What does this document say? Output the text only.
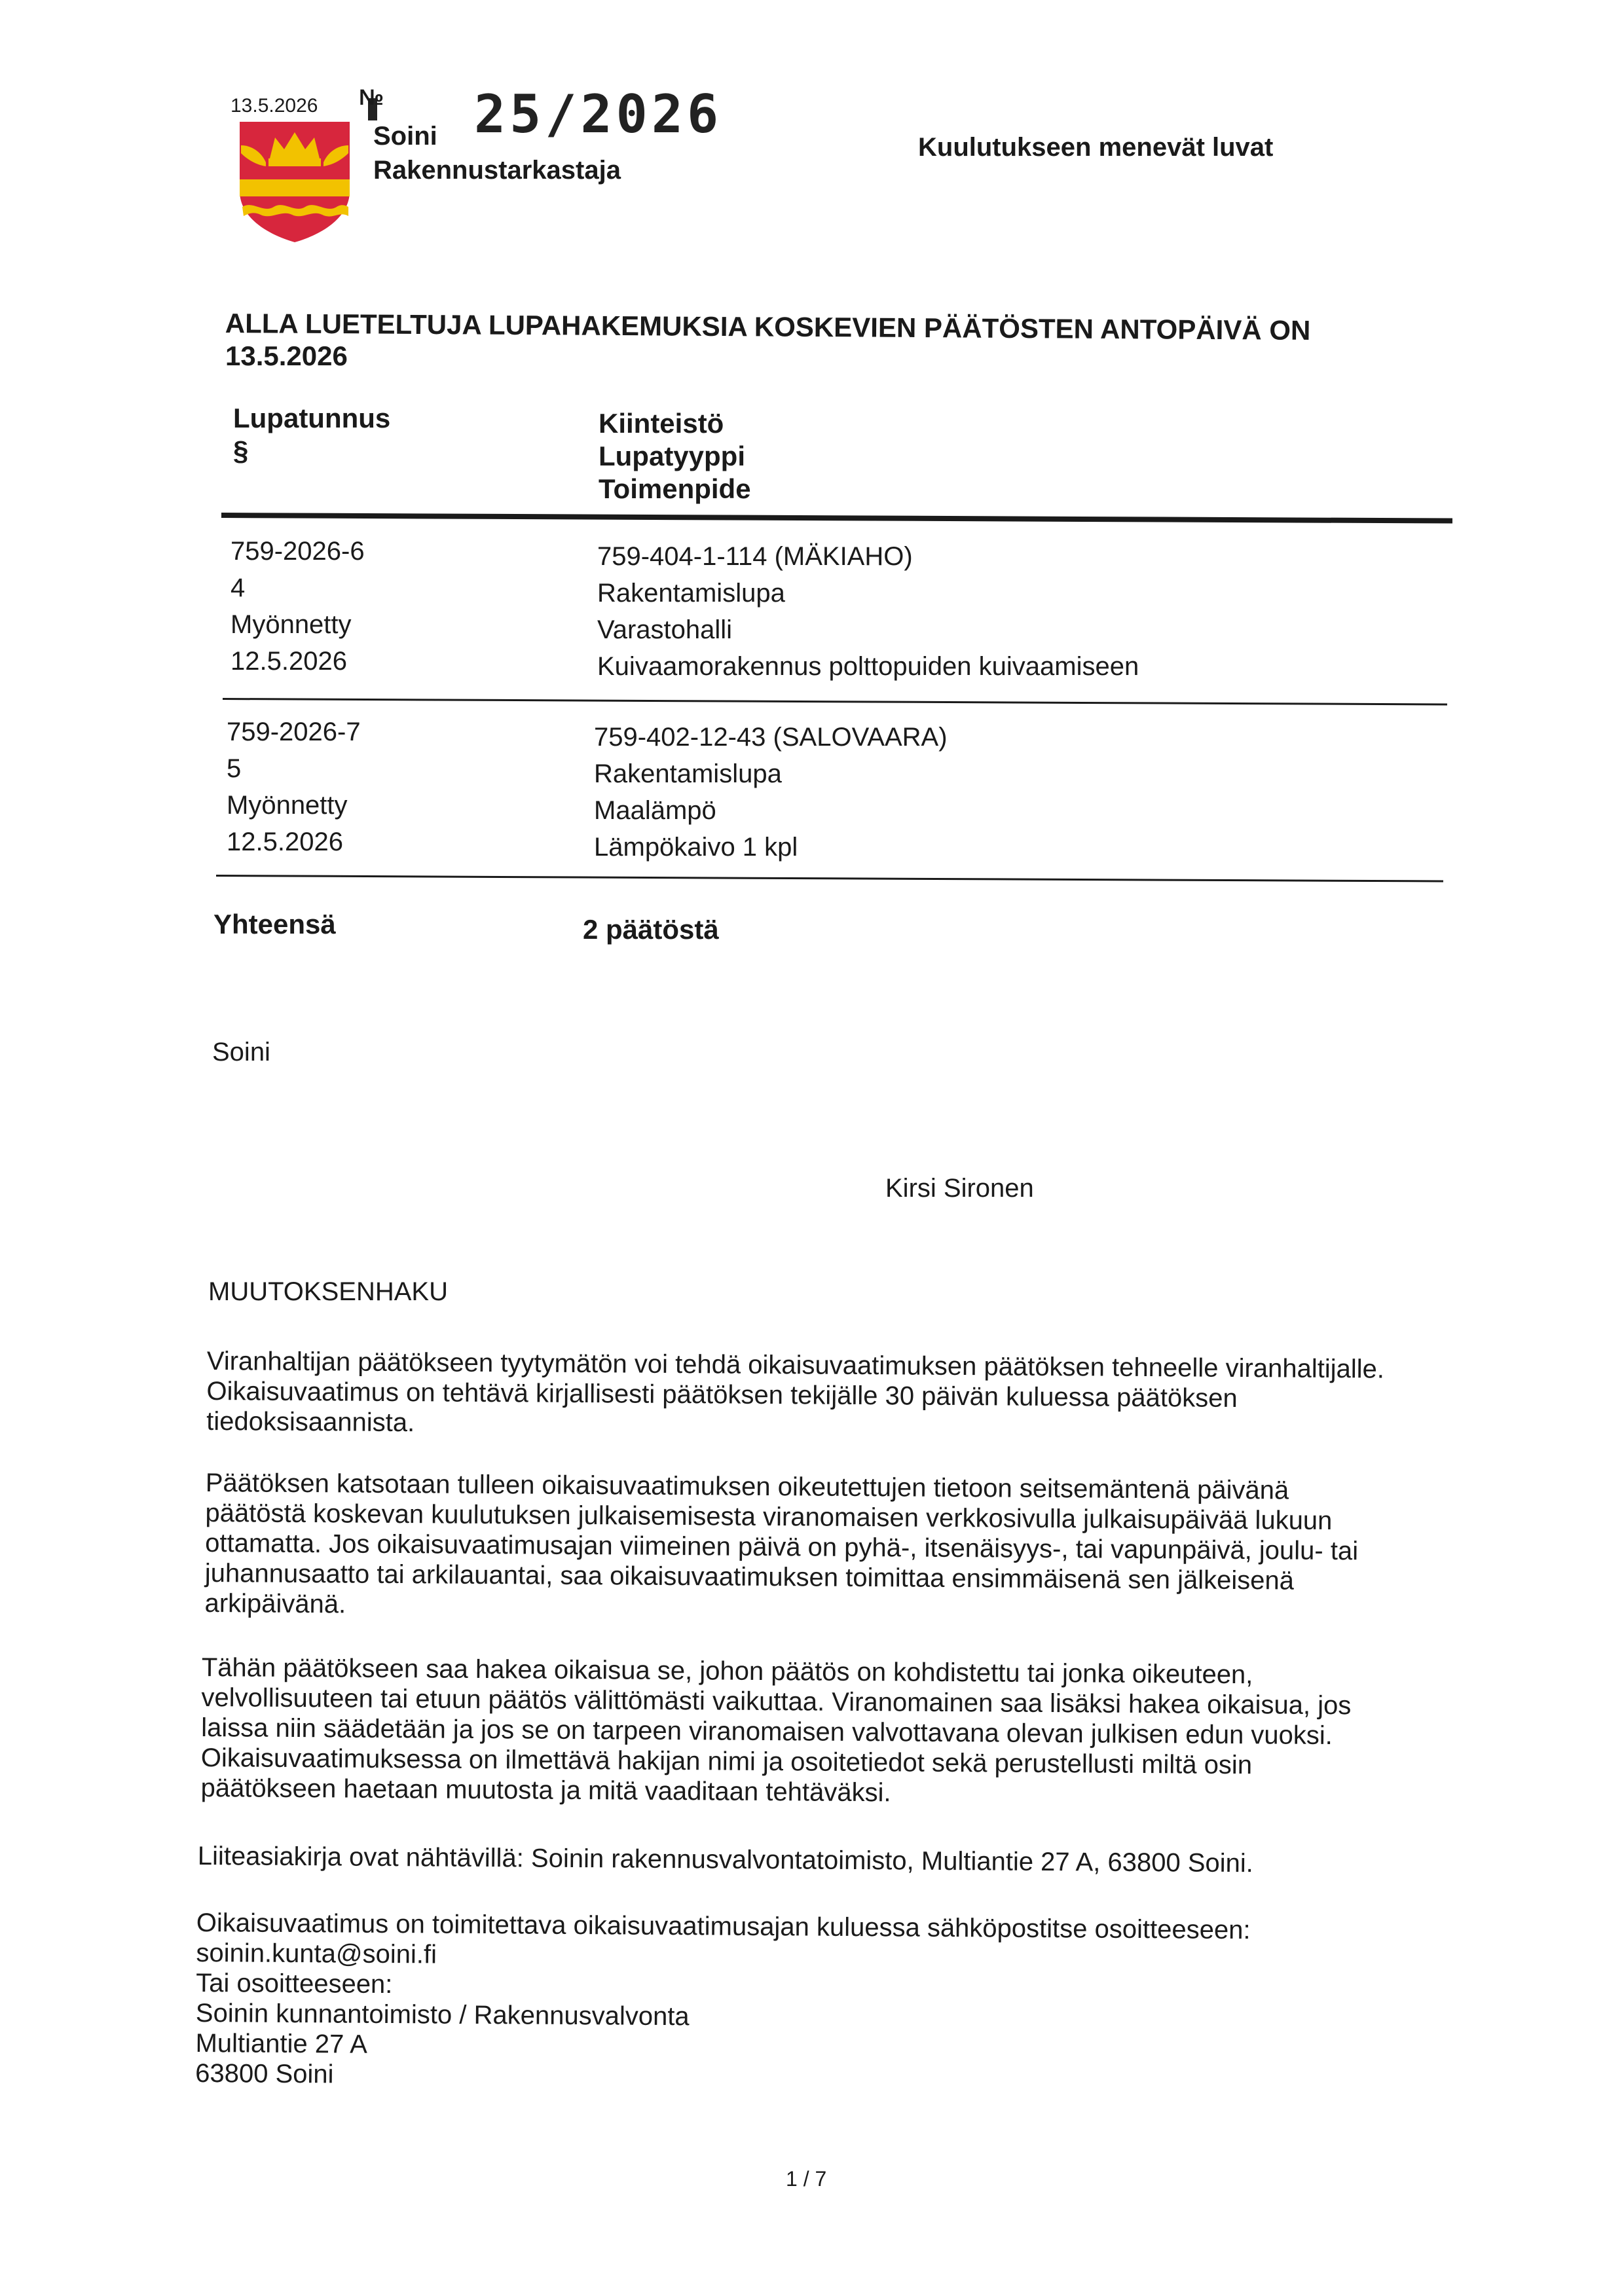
13.5.2026 № 25/2026
Soini
Rakennustarkastaja
Kuulutukseen menevät luvat
ALLA LUETELTUJA LUPAHAKEMUKSIA KOSKEVIEN PÄÄTÖSTEN ANTOPÄIVÄ ON
13.5.2026
Lupatunnus
§
Kiinteistö
Lupatyyppi
Toimenpide
759-2026-6
4
Myönnetty
12.5.2026
759-404-1-114 (MÄKIAHO)
Rakentamislupa
Varastohalli
Kuivaamorakennus polttopuiden kuivaamiseen
759-2026-7
5
Myönnetty
12.5.2026
759-402-12-43 (SALOVAARA)
Rakentamislupa
Maalämpö
Lämpökaivo 1 kpl
Yhteensä	2 päätöstä
Soini
Kirsi Sironen
MUUTOKSENHAKU
Viranhaltijan päätökseen tyytymätön voi tehdä oikaisuvaatimuksen päätöksen tehneelle viranhaltijalle.
Oikaisuvaatimus on tehtävä kirjallisesti päätöksen tekijälle 30 päivän kuluessa päätöksen
tiedoksisaannista.
Päätöksen katsotaan tulleen oikaisuvaatimuksen oikeutettujen tietoon seitsemäntenä päivänä
päätöstä koskevan kuulutuksen julkaisemisesta viranomaisen verkkosivulla julkaisupäivää lukuun
ottamatta. Jos oikaisuvaatimusajan viimeinen päivä on pyhä-, itsenäisyys-, tai vapunpäivä, joulu- tai
juhannusaatto tai arkilauantai, saa oikaisuvaatimuksen toimittaa ensimmäisenä sen jälkeisenä
arkipäivänä.
Tähän päätökseen saa hakea oikaisua se, johon päätös on kohdistettu tai jonka oikeuteen,
velvollisuuteen tai etuun päätös välittömästi vaikuttaa. Viranomainen saa lisäksi hakea oikaisua, jos
laissa niin säädetään ja jos se on tarpeen viranomaisen valvottavana olevan julkisen edun vuoksi.
Oikaisuvaatimuksessa on ilmettävä hakijan nimi ja osoitetiedot sekä perustellusti miltä osin
päätökseen haetaan muutosta ja mitä vaaditaan tehtäväksi.
Liiteasiakirja ovat nähtävillä: Soinin rakennusvalvontatoimisto, Multiantie 27 A, 63800 Soini.
Oikaisuvaatimus on toimitettava oikaisuvaatimusajan kuluessa sähköpostitse osoitteeseen:
soinin.kunta@soini.fi
Tai osoitteeseen:
Soinin kunnantoimisto / Rakennusvalvonta
Multiantie 27 A
63800 Soini
1 / 7
